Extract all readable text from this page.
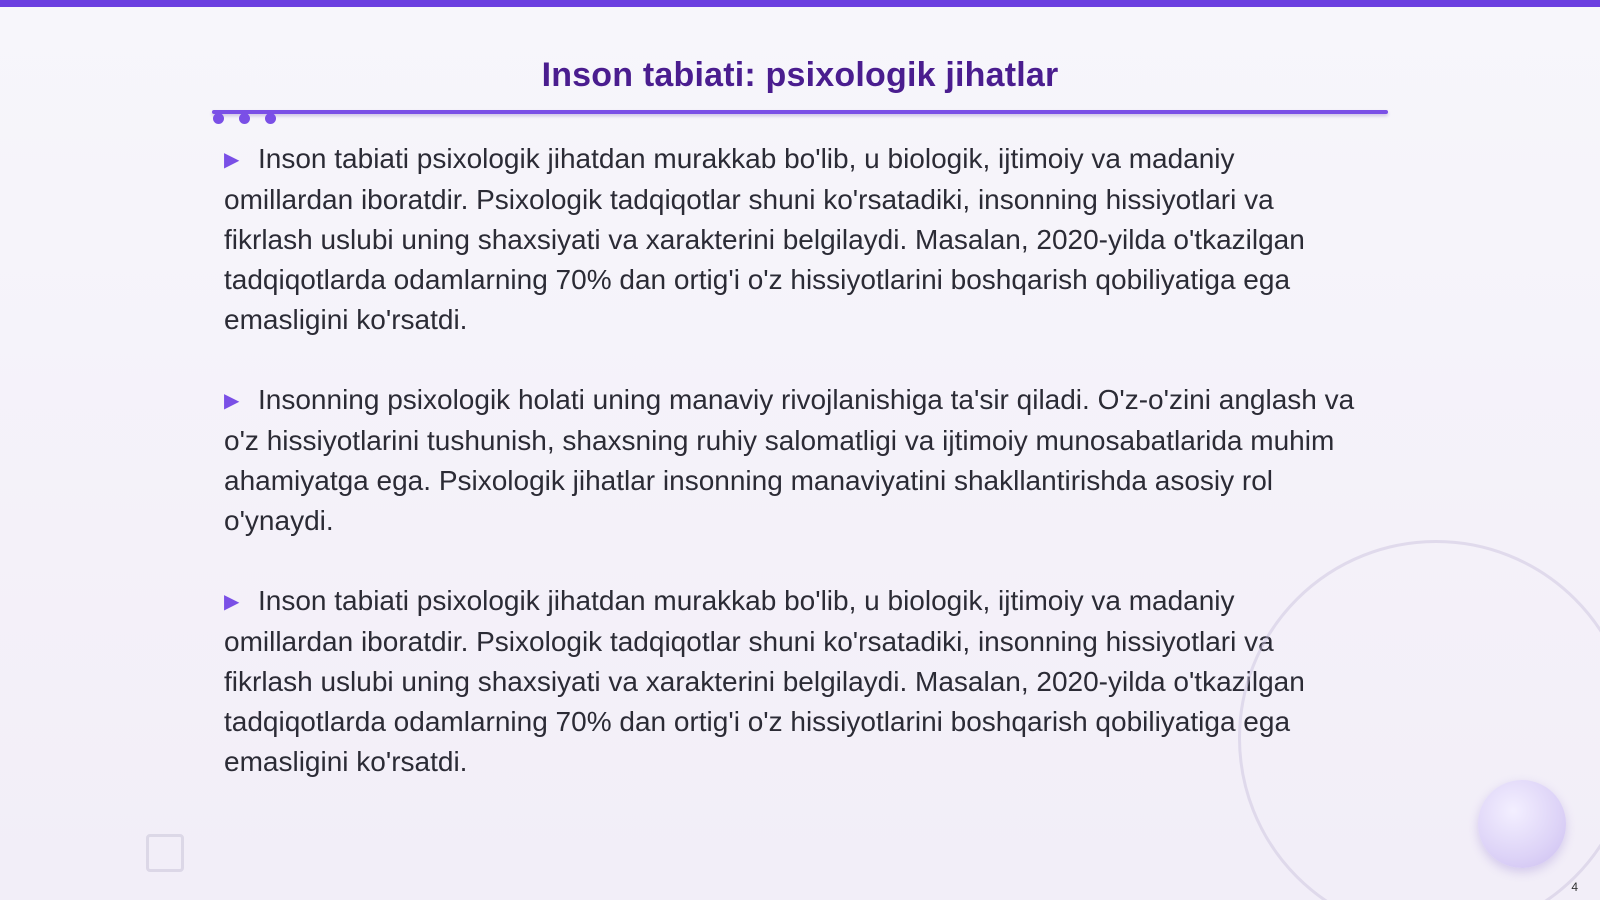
Inson tabiati: psixologik jihatlar

▶ Inson tabiati psixologik jihatdan murakkab bo'lib, u biologik, ijtimoiy va madaniy omillardan iboratdir. Psixologik tadqiqotlar shuni ko'rsatadiki, insonning hissiyotlari va fikrlash uslubi uning shaxsiyati va xarakterini belgilaydi. Masalan, 2020-yilda o'tkazilgan tadqiqotlarda odamlarning 70% dan ortig'i o'z hissiyotlarini boshqarish qobiliyatiga ega emasligini ko'rsatdi.

▶ Insonning psixologik holati uning manaviy rivojlanishiga ta'sir qiladi. O'z-o'zini anglash va o'z hissiyotlarini tushunish, shaxsning ruhiy salomatligi va ijtimoiy munosabatlarida muhim ahamiyatga ega. Psixologik jihatlar insonning manaviyatini shakllantirishda asosiy rol o'ynaydi.

▶ Inson tabiati psixologik jihatdan murakkab bo'lib, u biologik, ijtimoiy va madaniy omillardan iboratdir. Psixologik tadqiqotlar shuni ko'rsatadiki, insonning hissiyotlari va fikrlash uslubi uning shaxsiyati va xarakterini belgilaydi. Masalan, 2020-yilda o'tkazilgan tadqiqotlarda odamlarning 70% dan ortig'i o'z hissiyotlarini boshqarish qobiliyatiga ega emasligini ko'rsatdi.

4
